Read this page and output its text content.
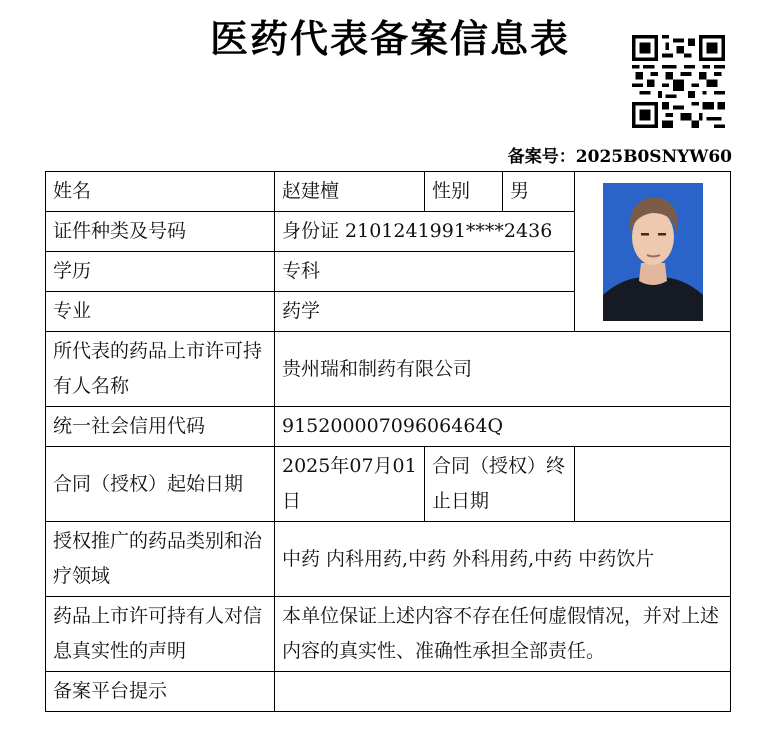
医药代表备案信息表
备案号：2025B0SNYW60
姓名	赵建檀	性别	男	

证件种类及号码	身份证 2101241991****2436			
学历	专科			
专业	药学			
所代表的药品上市许可持有人名称	贵州瑞和制药有限公司			
统一社会信用代码	91520000709606464Q			
合同（授权）起始日期	2025年07月01日	合同（授权）终止日期		
授权推广的药品类别和治疗领域	中药 内科用药,中药 外科用药,中药 中药饮片			
药品上市许可持有人对信息真实性的声明	本单位保证上述内容不存在任何虚假情况，并对上述内容的真实性、准确性承担全部责任。			
备案平台提示				
